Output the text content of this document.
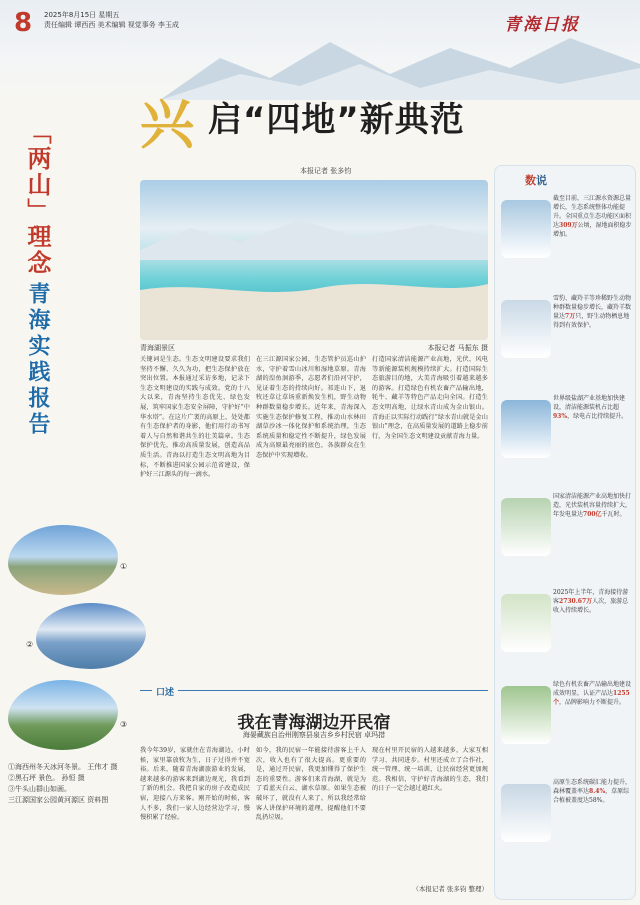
8 2025年8月15日 星期五
责任编辑 谭西西 美术编辑 视觉事务 李玉成	青海日报
「两山」理念
青海实践报告
①
②
③
①海西州冬天冰河冬景。 王伟才 摄
②黑石坪 景色。 孙恒 摄
③牛头山群山如画。
三江源国家公园黄河源区 资料图
兴 启“四地”新典范
本报记者 张多钧
青海湖景区	本报记者 马振东 摄
关键词是生态。生态文明建设要求我们坚持不懈、久久为功，把生态保护放在突出位置。本报通过采访多地，记录下生态文明建设的实践与成效。党的十八大以来，青海坚持生态优先、绿色发展，筑牢国家生态安全屏障，守护好“中华水塔”。在这片广袤的高原上，处处都有生态保护者的身影，他们用行动书写着人与自然和谐共生的壮美篇章。生态保护优先，推动高质量发展，创造高品质生活。青海以打造生态文明高地为目标，不断推进国家公园示范省建设，保护好三江源头的每一滴水。
在三江源国家公园，生态管护员巡山护水，守护着雪山冰川和湿地草原。青海湖的湟鱼洄游季，志愿者们沿河守护，见证着生态的持续向好。祁连山下，退牧还草让草场重新焕发生机，野生动物种群数量稳步增长。近年来，青海深入实施生态保护修复工程，推动山水林田湖草沙冰一体化保护和系统治理，生态系统质量和稳定性不断提升，绿色发展成为高原最亮丽的底色，各族群众在生态保护中实现增收。
打造国家清洁能源产业高地，光伏、风电等新能源装机规模持续扩大。打造国际生态旅游目的地，大美青海吸引着越来越多的游客。打造绿色有机农畜产品输出地，牦牛、藏羊等特色产品走向全国。打造生态文明高地，让绿水青山成为金山银山。青海正以实际行动践行“绿水青山就是金山银山”理念，在高质量发展的道路上稳步前行，为全国生态文明建设贡献青海力量。
口述
我在青海湖边开民宿
海晏藏族自治州刚察县泉吉乡乡村民宿 卓玛措
我今年39岁，家就住在青海湖边。小时候，家里靠放牧为生，日子过得并不宽裕。后来，随着青海湖旅游业的发展，越来越多的游客来到湖边观光，我看到了新的机会。我把自家的房子改造成民宿，迎接八方来客。刚开始的时候，客人不多，我们一家人边经营边学习，慢慢积累了经验。
如今，我的民宿一年能接待游客上千人次，收入也有了很大提高。更重要的是，通过开民宿，我更加懂得了保护生态的重要性。游客们来青海湖，就是为了看蓝天白云、湖水草原。如果生态被破坏了，就没有人来了。所以我经常给客人讲保护环境的道理，提醒他们不要乱扔垃圾。
现在村里开民宿的人越来越多，大家互相学习、共同进步。村里还成立了合作社，统一管理、统一培训，让民宿经营更加规范。我相信，守护好青海湖的生态，我们的日子一定会越过越红火。
（本报记者 张多钧 整理）
数说
截至目前，三江源水资源总量增长，生态系统整体功能提升。全国重点生态功能区面积达309万公顷，湿地面积稳步增加。
雪豹、藏羚羊等珍稀野生动物种群数量稳步增长，藏羚羊数量达7万只，野生动物栖息地得到有效保护。
世界级盐湖产业基地加快建设，清洁能源装机占比超93%，绿电占比持续提升。
国家清洁能源产业高地加快打造，光伏装机容量持续扩大，年发电量达700亿千瓦时。
2025年上半年，青海接待游客2730.67万人次，旅游总收入持续增长。
绿色有机农畜产品输出地建设成效明显，认证产品达1255个，品牌影响力不断提升。
高原生态系统碳汇能力提升，森林覆盖率达8.4%，草原综合植被盖度达58%。
